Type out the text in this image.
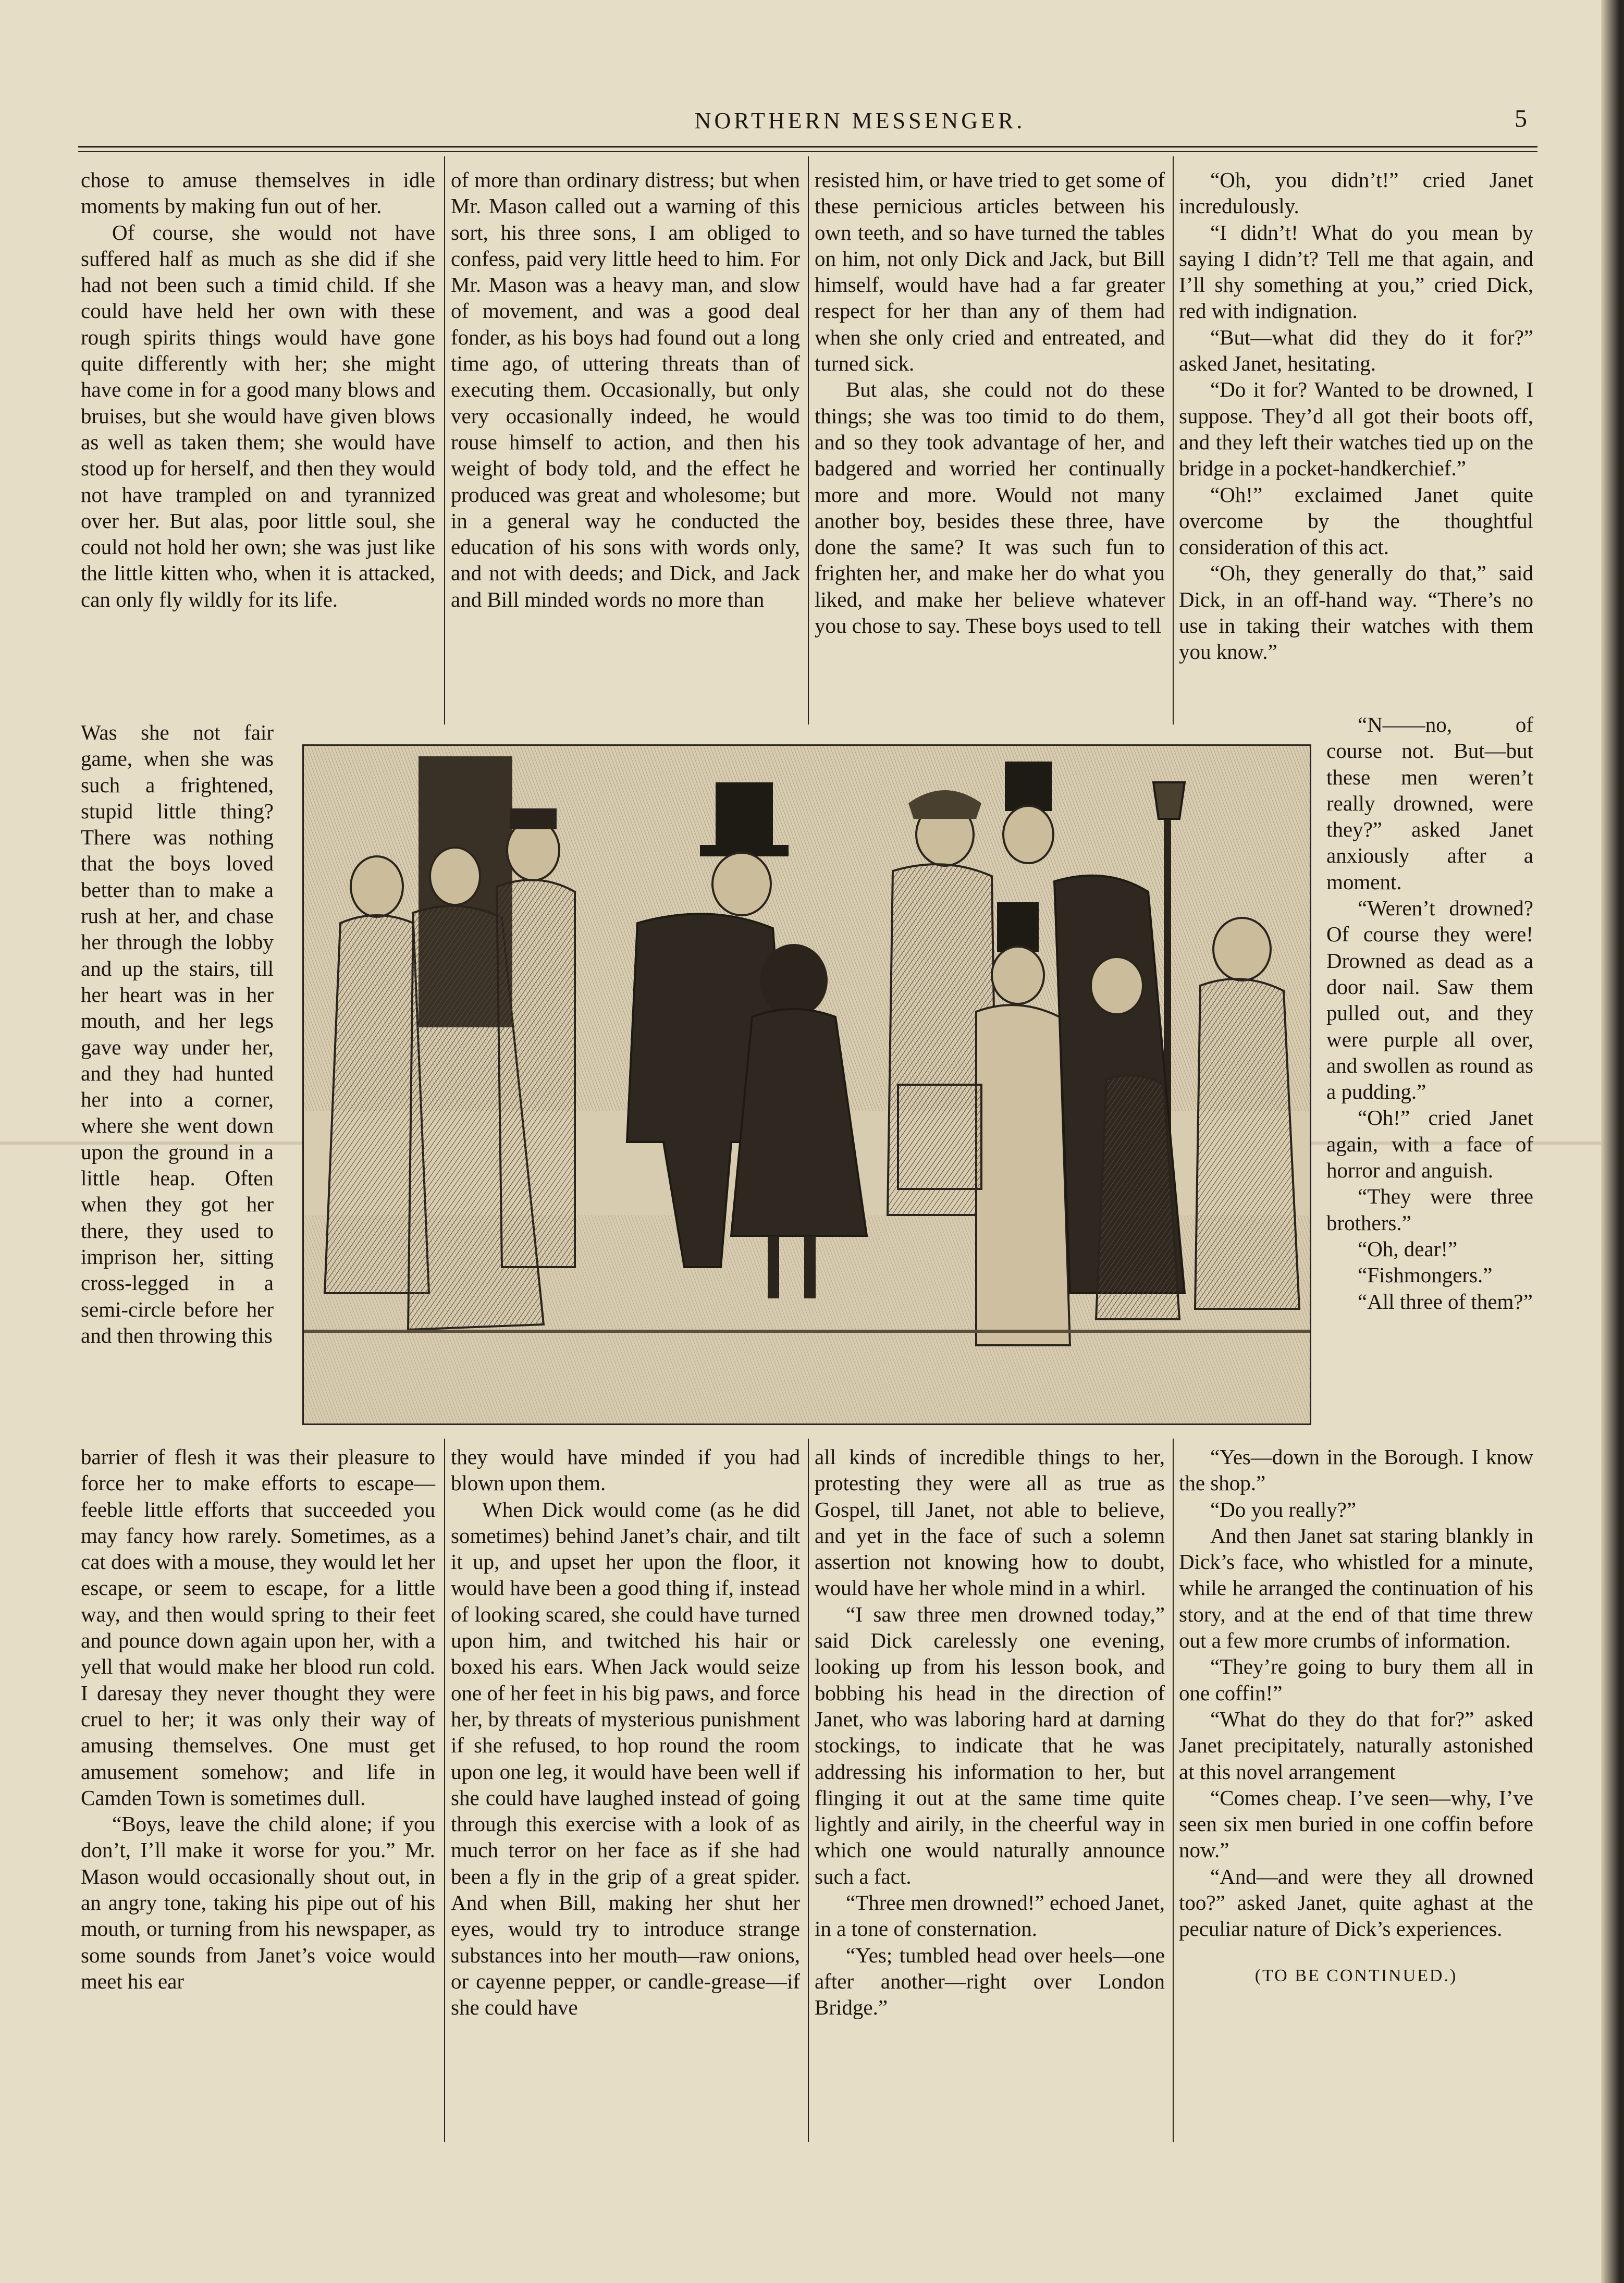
NORTHERN MESSENGER.	5

chose to amuse themselves in idle moments by making fun out of her.

Of course, she would not have suffered half as much as she did if she had not been such a timid child. If she could have held her own with these rough spirits things would have gone quite differently with her; she might have come in for a good many blows and bruises, but she would have given blows as well as taken them; she would have stood up for herself, and then they would not have trampled on and tyrannized over her. But alas, poor little soul, she could not hold her own; she was just like the little kitten who, when it is attacked, can only fly wildly for its life.

Was she not fair game, when she was such a frightened, stupid little thing? There was nothing that the boys loved better than to make a rush at her, and chase her through the lobby and up the stairs, till her heart was in her mouth, and her legs gave way under her, and they had hunted her into a corner, where she went down upon the ground in a little heap. Often when they got her there, they used to imprison her, sitting cross-legged in a semi-circle before her and then throwing this

barrier of flesh it was their pleasure to force her to make efforts to escape—feeble little efforts that succeeded you may fancy how rarely. Sometimes, as a cat does with a mouse, they would let her escape, or seem to escape, for a little way, and then would spring to their feet and pounce down again upon her, with a yell that would make her blood run cold. I daresay they never thought they were cruel to her; it was only their way of amusing themselves. One must get amusement somehow; and life in Camden Town is sometimes dull.

“Boys, leave the child alone; if you don’t, I’ll make it worse for you.” Mr. Mason would occasionally shout out, in an angry tone, taking his pipe out of his mouth, or turning from his newspaper, as some sounds from Janet’s voice would meet his ear

of more than ordinary distress; but when Mr. Mason called out a warning of this sort, his three sons, I am obliged to confess, paid very little heed to him. For Mr. Mason was a heavy man, and slow of movement, and was a good deal fonder, as his boys had found out a long time ago, of uttering threats than of executing them. Occasionally, but only very occasionally indeed, he would rouse himself to action, and then his weight of body told, and the effect he produced was great and wholesome; but in a general way he conducted the education of his sons with words only, and not with deeds; and Dick, and Jack and Bill minded words no more than

they would have minded if you had blown upon them.

When Dick would come (as he did sometimes) behind Janet’s chair, and tilt it up, and upset her upon the floor, it would have been a good thing if, instead of looking scared, she could have turned upon him, and twitched his hair or boxed his ears. When Jack would seize one of her feet in his big paws, and force her, by threats of mysterious punishment if she refused, to hop round the room upon one leg, it would have been well if she could have laughed instead of going through this exercise with a look of as much terror on her face as if she had been a fly in the grip of a great spider. And when Bill, making her shut her eyes, would try to introduce strange substances into her mouth—raw onions, or cayenne pepper, or candle-grease—if she could have

resisted him, or have tried to get some of these pernicious articles between his own teeth, and so have turned the tables on him, not only Dick and Jack, but Bill himself, would have had a far greater respect for her than any of them had when she only cried and entreated, and turned sick.

But alas, she could not do these things; she was too timid to do them, and so they took advantage of her, and badgered and worried her continually more and more. Would not many another boy, besides these three, have done the same? It was such fun to frighten her, and make her do what you liked, and make her believe whatever you chose to say. These boys used to tell

all kinds of incredible things to her, protesting they were all as true as Gospel, till Janet, not able to believe, and yet in the face of such a solemn assertion not knowing how to doubt, would have her whole mind in a whirl.

“I saw three men drowned today,” said Dick carelessly one evening, looking up from his lesson book, and bobbing his head in the direction of Janet, who was laboring hard at darning stockings, to indicate that he was addressing his information to her, but flinging it out at the same time quite lightly and airily, in the cheerful way in which one would naturally announce such a fact.

“Three men drowned!” echoed Janet, in a tone of consternation.

“Yes; tumbled head over heels—one after another—right over London Bridge.”

“Oh, you didn’t!” cried Janet incredulously.

“I didn’t! What do you mean by saying I didn’t? Tell me that again, and I’ll shy something at you,” cried Dick, red with indignation.

“But—what did they do it for?” asked Janet, hesitating.

“Do it for? Wanted to be drowned, I suppose. They’d all got their boots off, and they left their watches tied up on the bridge in a pocket-handkerchief.”

“Oh!” exclaimed Janet quite overcome by the thoughtful consideration of this act.

“Oh, they generally do that,” said Dick, in an off-hand way. “There’s no use in taking their watches with them you know.”

“N——no, of course not. But—but these men weren’t really drowned, were they?” asked Janet anxiously after a moment.

“Weren’t drowned? Of course they were! Drowned as dead as a door nail. Saw them pulled out, and they were purple all over, and swollen as round as a pudding.”

“Oh!” cried Janet again, with a face of horror and anguish.

“They were three brothers.”

“Oh, dear!”

“Fishmongers.”

“All three of them?”

“Yes—down in the Borough. I know the shop.”

“Do you really?”

And then Janet sat staring blankly in Dick’s face, who whistled for a minute, while he arranged the continuation of his story, and at the end of that time threw out a few more crumbs of information.

“They’re going to bury them all in one coffin!”

“What do they do that for?” asked Janet precipitately, naturally astonished at this novel arrangement

“Comes cheap. I’ve seen—why, I’ve seen six men buried in one coffin before now.”

“And—and were they all drowned too?” asked Janet, quite aghast at the peculiar nature of Dick’s experiences.

(TO BE CONTINUED.)
